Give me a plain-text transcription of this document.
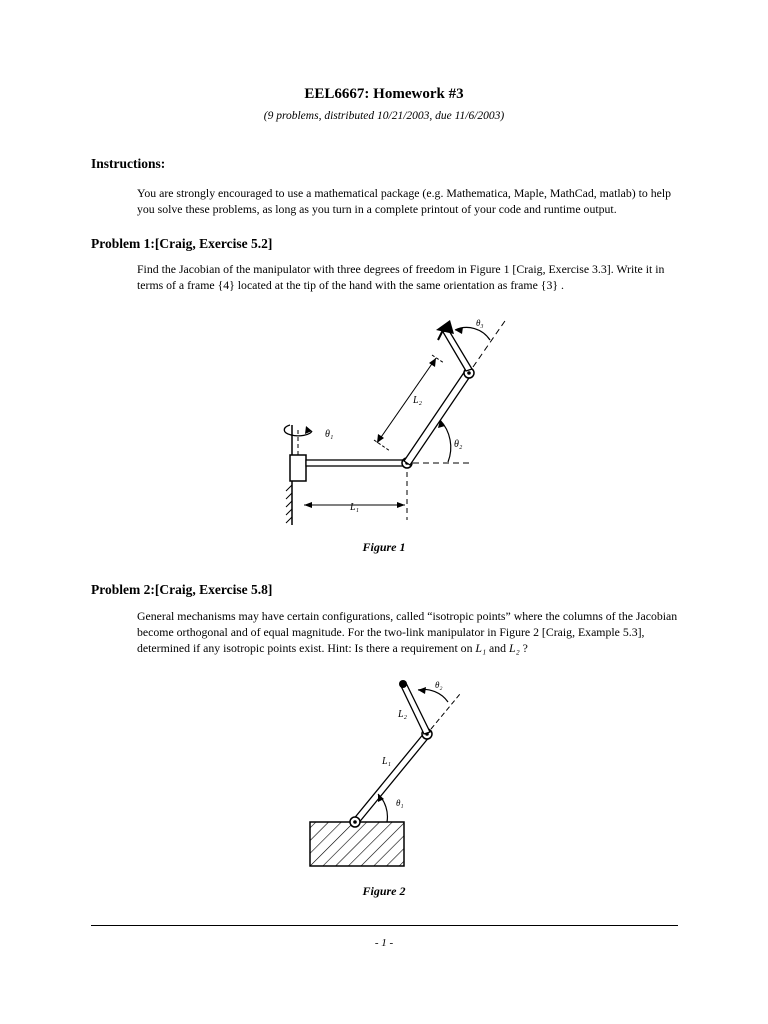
EEL6667: Homework #3
(9 problems, distributed 10/21/2003, due 11/6/2003)
Instructions:
You are strongly encouraged to use a mathematical package (e.g. Mathematica, Maple, MathCad, matlab) to help you solve these problems, as long as you turn in a complete printout of your code and runtime output.
Problem 1:[Craig, Exercise 5.2]
Find the Jacobian of the manipulator with three degrees of freedom in Figure 1 [Craig, Exercise 3.3]. Write it in terms of a frame {4} located at the tip of the hand with the same orientation as frame {3} .
θ₁
L₁
θ₂
L₂
θ₃
Figure 1
Problem 2:[Craig, Exercise 5.8]
General mechanisms may have certain configurations, called “isotropic points” where the columns of the Jacobian become orthogonal and of equal magnitude. For the two-link manipulator in Figure 2 [Craig, Example 5.3], determined if any isotropic points exist. Hint: Is there a requirement on L₁ and L₂ ?
θ₁
L₁
L₂
θ₂
Figure 2
- 1 -
